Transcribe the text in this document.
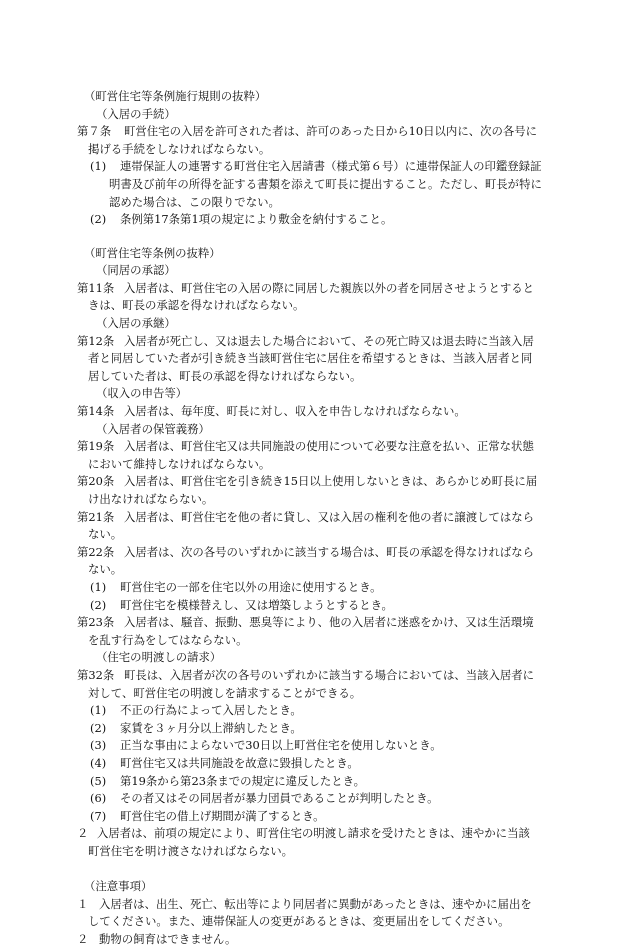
（町営住宅等条例施行規則の抜粋）
（入居の手続）
第７条 町営住宅の入居を許可された者は、許可のあった日から10日以内に、次の各号に
掲げる手続をしなければならない。
(1) 連帯保証人の連署する町営住宅入居請書（様式第６号）に連帯保証人の印鑑登録証
明書及び前年の所得を証する書類を添えて町長に提出すること。ただし、町長が特に
認めた場合は、この限りでない。
(2) 条例第17条第1項の規定により敷金を納付すること。
（町営住宅等条例の抜粋）
（同居の承認）
第11条 入居者は、町営住宅の入居の際に同居した親族以外の者を同居させようとすると
きは、町長の承認を得なければならない。
（入居の承継）
第12条 入居者が死亡し、又は退去した場合において、その死亡時又は退去時に当該入居
者と同居していた者が引き続き当該町営住宅に居住を希望するときは、当該入居者と同
居していた者は、町長の承認を得なければならない。
（収入の申告等）
第14条 入居者は、毎年度、町長に対し、収入を申告しなければならない。
（入居者の保管義務）
第19条 入居者は、町営住宅又は共同施設の使用について必要な注意を払い、正常な状態
において維持しなければならない。
第20条 入居者は、町営住宅を引き続き15日以上使用しないときは、あらかじめ町長に届
け出なければならない。
第21条 入居者は、町営住宅を他の者に貸し、又は入居の権利を他の者に譲渡してはなら
ない。
第22条 入居者は、次の各号のいずれかに該当する場合は、町長の承認を得なければなら
ない。
(1) 町営住宅の一部を住宅以外の用途に使用するとき。
(2) 町営住宅を模様替えし、又は増築しようとするとき。
第23条 入居者は、騒音、振動、悪臭等により、他の入居者に迷惑をかけ、又は生活環境
を乱す行為をしてはならない。
（住宅の明渡しの請求）
第32条 町長は、入居者が次の各号のいずれかに該当する場合においては、当該入居者に
対して、町営住宅の明渡しを請求することができる。
(1) 不正の行為によって入居したとき。
(2) 家賃を３ヶ月分以上滞納したとき。
(3) 正当な事由によらないで30日以上町営住宅を使用しないとき。
(4) 町営住宅又は共同施設を故意に毀損したとき。
(5) 第19条から第23条までの規定に違反したとき。
(6) その者又はその同居者が暴力団員であることが判明したとき。
(7) 町営住宅の借上げ期間が満了するとき。
２ 入居者は、前項の規定により、町営住宅の明渡し請求を受けたときは、速やかに当該
町営住宅を明け渡さなければならない。
（注意事項）
１ 入居者は、出生、死亡、転出等により同居者に異動があったときは、速やかに届出を
してください。また、連帯保証人の変更があるときは、変更届出をしてください。
２ 動物の飼育はできません。
